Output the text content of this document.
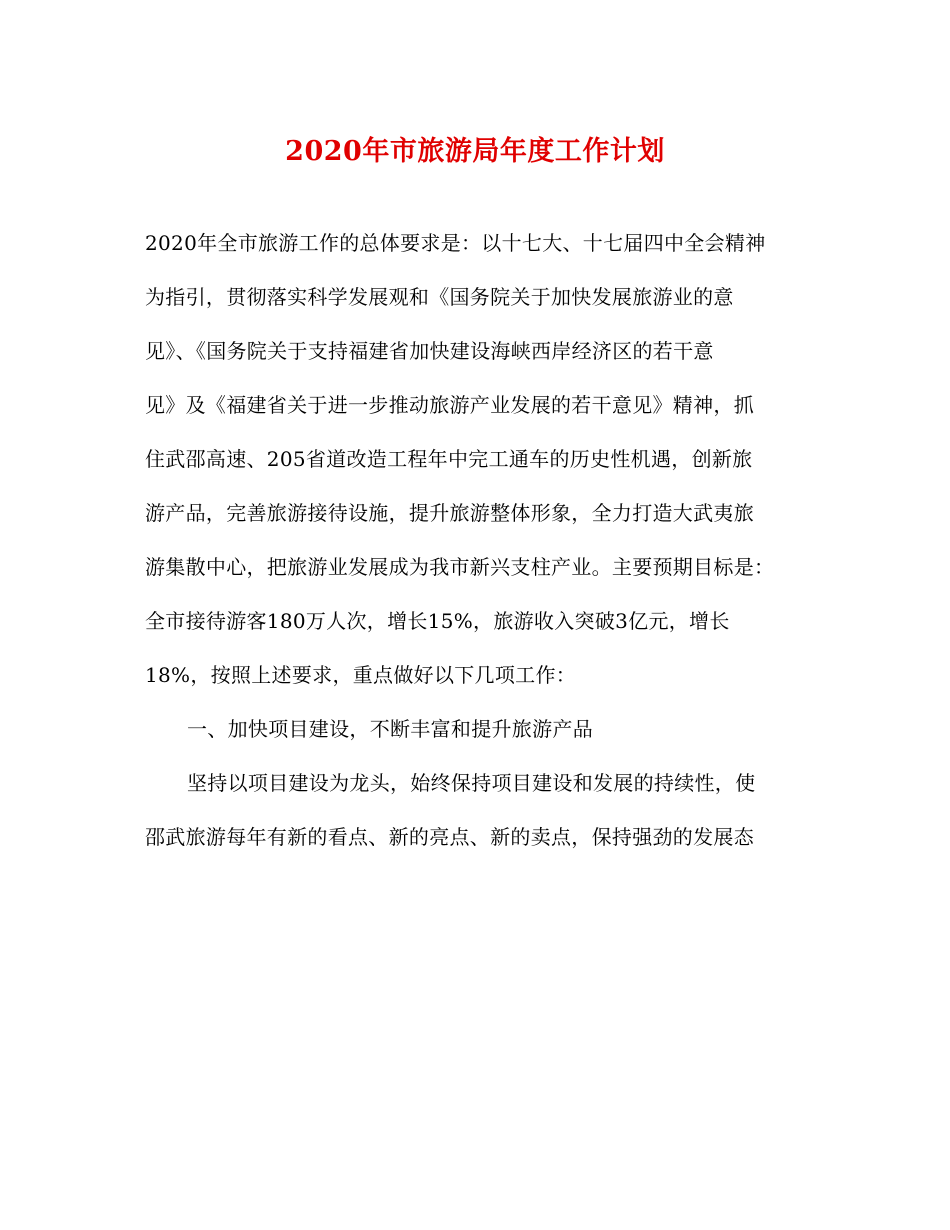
2020年市旅游局年度工作计划
2020年全市旅游工作的总体要求是：以十七大、十七届四中全会精神
为指引，贯彻落实科学发展观和《国务院关于加快发展旅游业的意
见》、《国务院关于支持福建省加快建设海峡西岸经济区的若干意
见》及《福建省关于进一步推动旅游产业发展的若干意见》精神，抓
住武邵高速、205省道改造工程年中完工通车的历史性机遇，创新旅
游产品，完善旅游接待设施，提升旅游整体形象，全力打造大武夷旅
游集散中心，把旅游业发展成为我市新兴支柱产业。主要预期目标是：
全市接待游客180万人次，增长15%，旅游收入突破3亿元，增长
18%，按照上述要求，重点做好以下几项工作：
一、加快项目建设，不断丰富和提升旅游产品
坚持以项目建设为龙头，始终保持项目建设和发展的持续性，使
邵武旅游每年有新的看点、新的亮点、新的卖点，保持强劲的发展态
